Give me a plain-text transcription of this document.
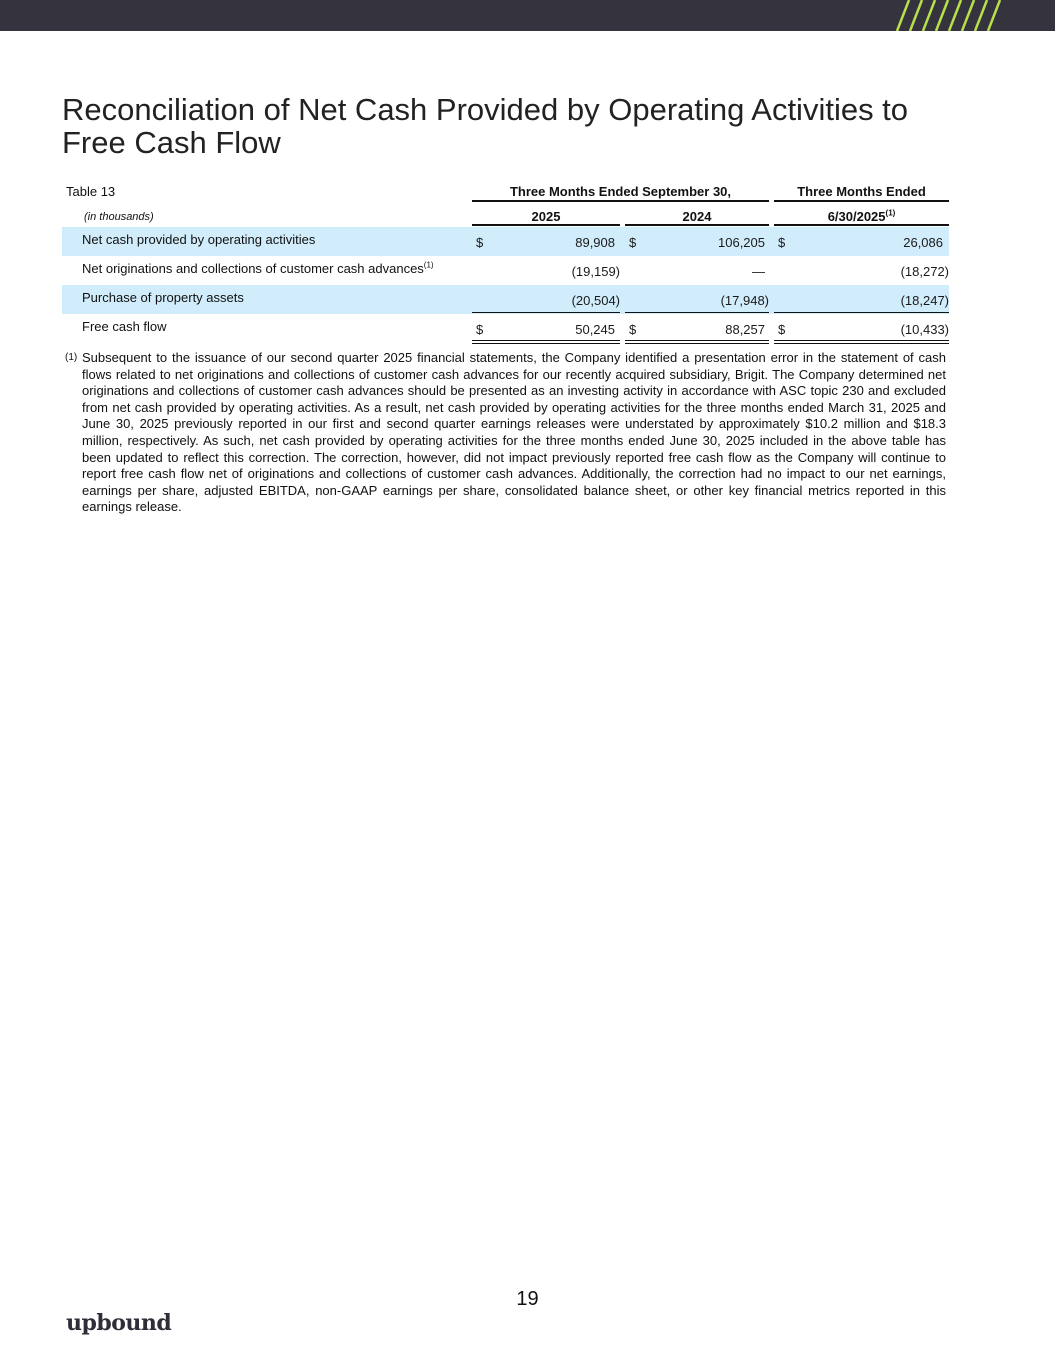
Reconciliation of Net Cash Provided by Operating Activities to Free Cash Flow
Table 13	Three Months Ended September 30,	Three Months Ended
(in thousands)	2025	2024	6/30/2025$^{(1)}$
Net cash provided by operating activities	$	89,908 $	106,205 $	26,086
Net originations and collections of customer cash advances$^{(1)}$	(19,159)	—	(18,272)
Purchase of property assets	(20,504)	(17,948)	(18,247)
Free cash flow	$	50,245 $	88,257 $	(10,433)
(1) Subsequent to the issuance of our second quarter 2025 financial statements, the Company identified a presentation error in the statement of cash flows related to net originations and collections of customer cash advances for our recently acquired subsidiary, Brigit. The Company determined net originations and collections of customer cash advances should be presented as an investing activity in accordance with ASC topic 230 and excluded from net cash provided by operating activities. As a result, net cash provided by operating activities for the three months ended March 31, 2025 and June 30, 2025 previously reported in our first and second quarter earnings releases were understated by approximately $10.2 million and $18.3 million, respectively. As such, net cash provided by operating activities for the three months ended June 30, 2025 included in the above table has been updated to reflect this correction. The correction, however, did not impact previously reported free cash flow as the Company will continue to report free cash flow net of originations and collections of customer cash advances. Additionally, the correction had no impact to our net earnings, earnings per share, adjusted EBITDA, non-GAAP earnings per share, consolidated balance sheet, or other key financial metrics reported in this earnings release.

19
upbound
